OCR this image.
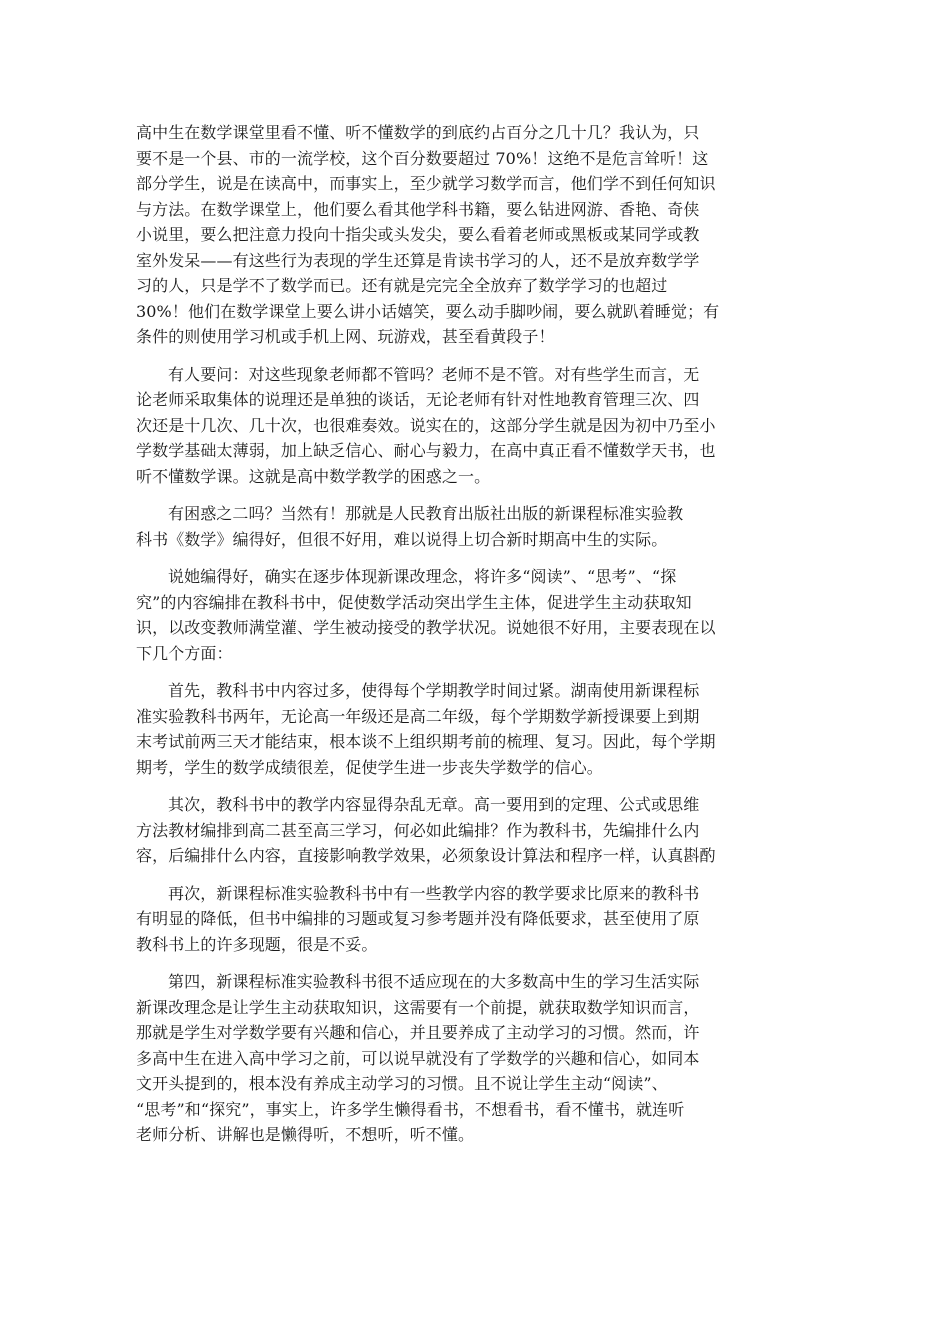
高中生在数学课堂里看不懂、听不懂数学的到底约占百分之几十几？我认为，只
要不是一个县、市的一流学校，这个百分数要超过 70%！这绝不是危言耸听！这
部分学生，说是在读高中，而事实上，至少就学习数学而言，他们学不到任何知识
与方法。在数学课堂上，他们要么看其他学科书籍，要么钻进网游、香艳、奇侠
小说里，要么把注意力投向十指尖或头发尖，要么看着老师或黑板或某同学或教
室外发呆——有这些行为表现的学生还算是肯读书学习的人，还不是放弃数学学
习的人，只是学不了数学而已。还有就是完完全全放弃了数学学习的也超过
30%！他们在数学课堂上要么讲小话嬉笑，要么动手脚吵闹，要么就趴着睡觉；有
条件的则使用学习机或手机上网、玩游戏，甚至看黄段子！

有人要问：对这些现象老师都不管吗？老师不是不管。对有些学生而言，无
论老师采取集体的说理还是单独的谈话，无论老师有针对性地教育管理三次、四
次还是十几次、几十次，也很难奏效。说实在的，这部分学生就是因为初中乃至小
学数学基础太薄弱，加上缺乏信心、耐心与毅力，在高中真正看不懂数学天书，也
听不懂数学课。这就是高中数学教学的困惑之一。

有困惑之二吗？当然有！那就是人民教育出版社出版的新课程标准实验教
科书《数学》编得好，但很不好用，难以说得上切合新时期高中生的实际。

说她编得好，确实在逐步体现新课改理念，将许多“阅读”、“思考”、“探
究”的内容编排在教科书中，促使数学活动突出学生主体，促进学生主动获取知
识，以改变教师满堂灌、学生被动接受的教学状况。说她很不好用，主要表现在以
下几个方面：

首先，教科书中内容过多，使得每个学期教学时间过紧。湖南使用新课程标
准实验教科书两年，无论高一年级还是高二年级，每个学期数学新授课要上到期
末考试前两三天才能结束，根本谈不上组织期考前的梳理、复习。因此，每个学期
期考，学生的数学成绩很差，促使学生进一步丧失学数学的信心。

其次，教科书中的教学内容显得杂乱无章。高一要用到的定理、公式或思维
方法教材编排到高二甚至高三学习，何必如此编排？作为教科书，先编排什么内
容，后编排什么内容，直接影响教学效果，必须象设计算法和程序一样，认真斟酌

再次，新课程标准实验教科书中有一些教学内容的教学要求比原来的教科书
有明显的降低，但书中编排的习题或复习参考题并没有降低要求，甚至使用了原
教科书上的许多现题，很是不妥。

第四，新课程标准实验教科书很不适应现在的大多数高中生的学习生活实际
新课改理念是让学生主动获取知识，这需要有一个前提，就获取数学知识而言，
那就是学生对学数学要有兴趣和信心，并且要养成了主动学习的习惯。然而，许
多高中生在进入高中学习之前，可以说早就没有了学数学的兴趣和信心，如同本
文开头提到的，根本没有养成主动学习的习惯。且不说让学生主动“阅读”、
“思考”和“探究”，事实上，许多学生懒得看书，不想看书，看不懂书，就连听
老师分析、讲解也是懒得听，不想听，听不懂。
